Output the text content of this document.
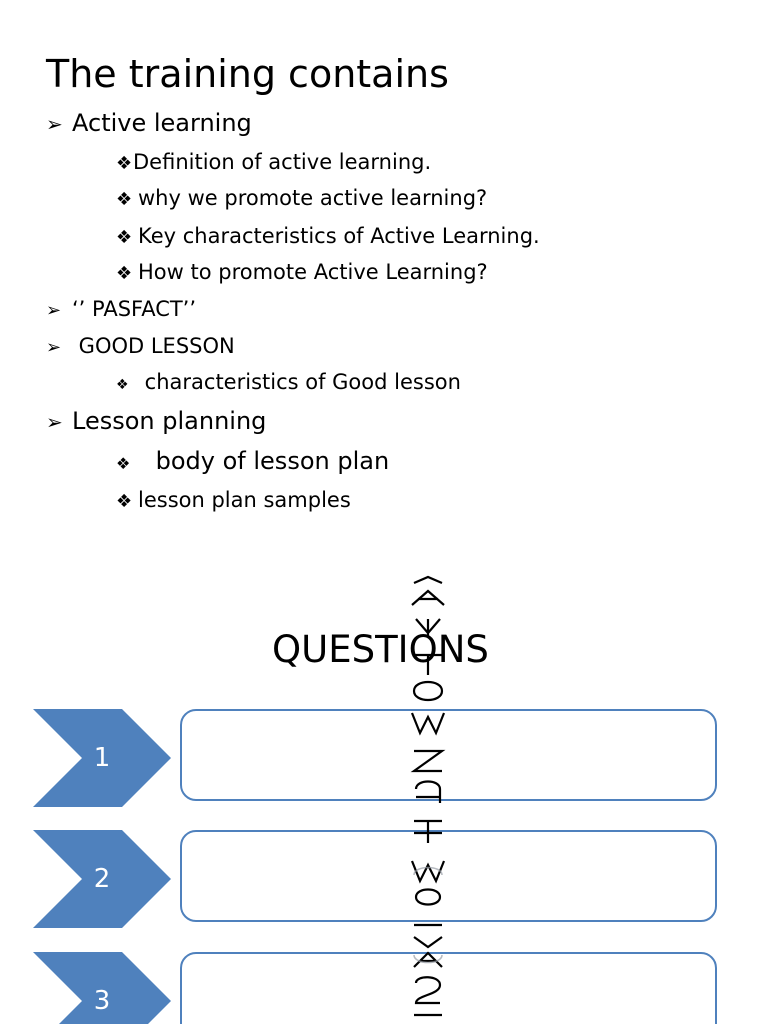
The training contains
➢ Active learning
❖ Definition of active learning.
❖ why we promote active learning?
❖ Key characteristics of Active Learning.
❖ How to promote Active Learning?
➢ ‘’ PASFACT’’
➢ GOOD LESSON
❖ characteristics of Good lesson
➢ Lesson planning
❖ body of lesson plan
❖ lesson plan samples
QUESTIONS
1
2
3
